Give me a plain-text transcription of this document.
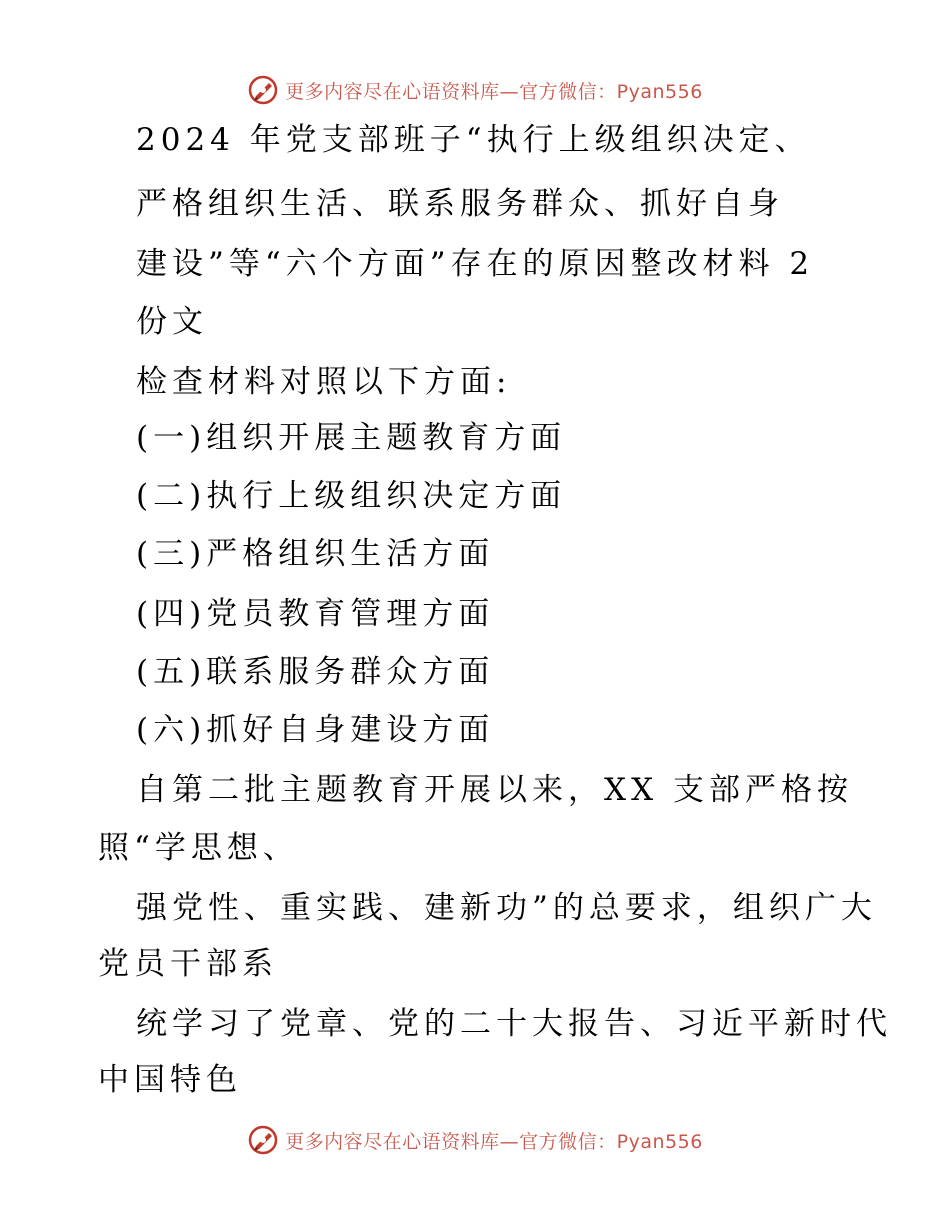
更多内容尽在心语资料库—官方微信：Pyan556
2024 年党支部班子“执行上级组织决定、
严格组织生活、联系服务群众、抓好自身
建设”等“六个方面”存在的原因整改材料 2
份文
检查材料对照以下方面:
(一)组织开展主题教育方面
(二)执行上级组织决定方面
(三)严格组织生活方面
(四)党员教育管理方面
(五)联系服务群众方面
(六)抓好自身建设方面
自第二批主题教育开展以来，XX 支部严格按
照“学思想、
强党性、重实践、建新功”的总要求，组织广大
党员干部系
统学习了党章、党的二十大报告、习近平新时代
中国特色
更多内容尽在心语资料库—官方微信：Pyan556
